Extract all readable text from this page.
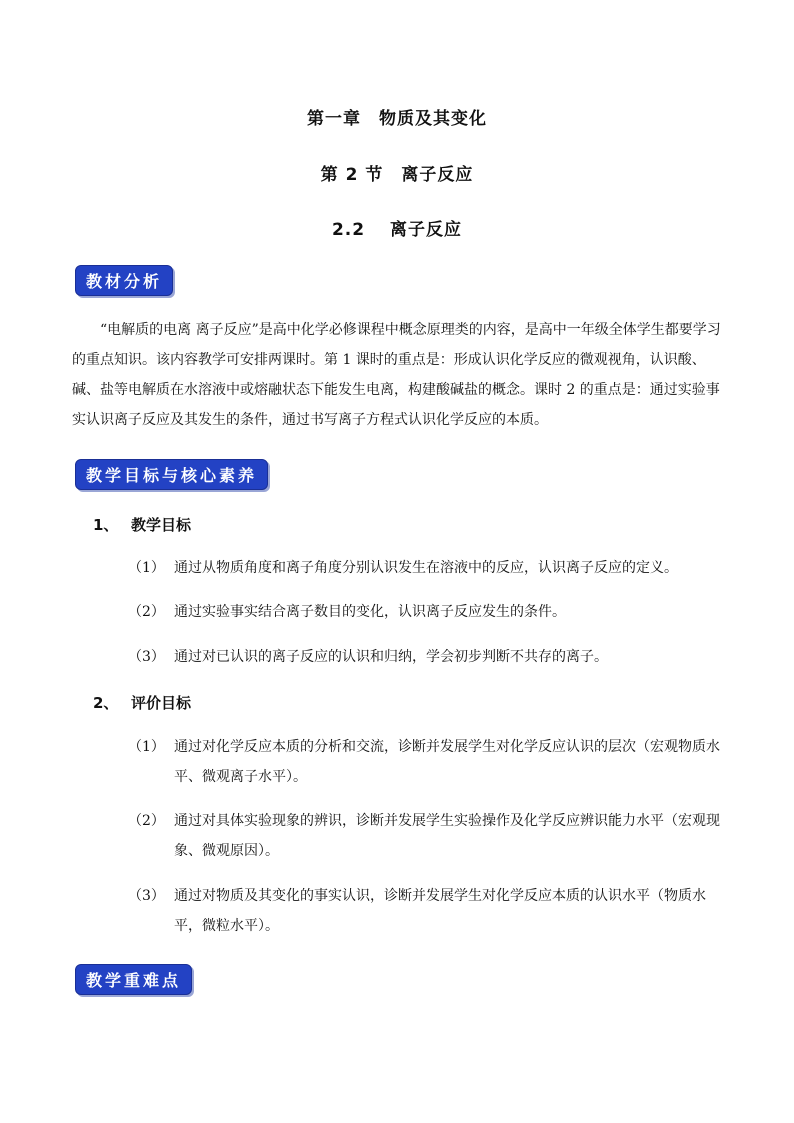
第一章　物质及其变化
第 2 节　离子反应
2.2　 离子反应
教材分析
“电解质的电离 离子反应”是高中化学必修课程中概念原理类的内容，是高中一年级全体学生都要学习的重点知识。该内容教学可安排两课时。第 1 课时的重点是：形成认识化学反应的微观视角，认识酸、碱、盐等电解质在水溶液中或熔融状态下能发生电离，构建酸碱盐的概念。课时 2 的重点是：通过实验事实认识离子反应及其发生的条件，通过书写离子方程式认识化学反应的本质。
教学目标与核心素养
1、 教学目标
（1） 通过从物质角度和离子角度分别认识发生在溶液中的反应，认识离子反应的定义。
（2） 通过实验事实结合离子数目的变化，认识离子反应发生的条件。
（3） 通过对已认识的离子反应的认识和归纳，学会初步判断不共存的离子。
2、 评价目标
（1） 通过对化学反应本质的分析和交流，诊断并发展学生对化学反应认识的层次（宏观物质水平、微观离子水平）。
（2） 通过对具体实验现象的辨识，诊断并发展学生实验操作及化学反应辨识能力水平（宏观现象、微观原因）。
（3） 通过对物质及其变化的事实认识，诊断并发展学生对化学反应本质的认识水平（物质水平，微粒水平）。
教学重难点
